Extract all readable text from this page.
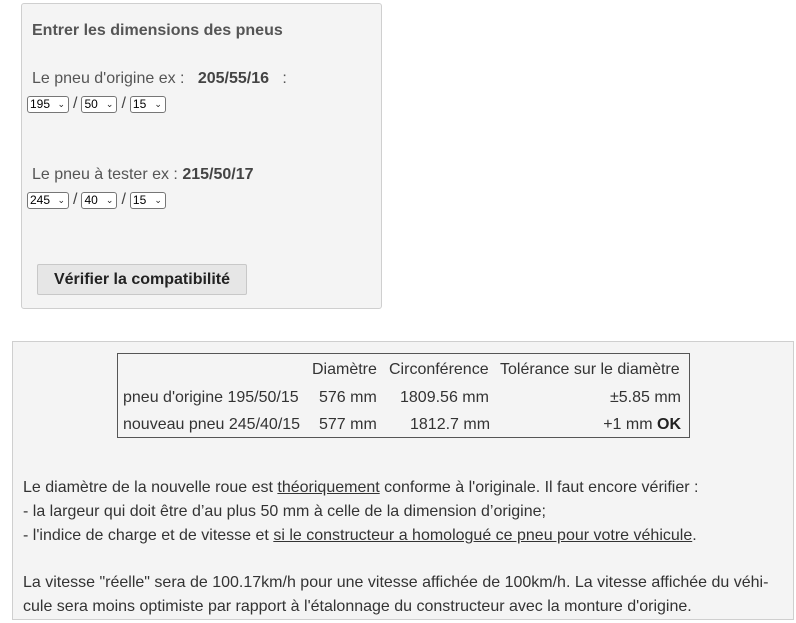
Entrer les dimensions des pneus
Le pneu d'origine ex : 205/55/16 :
195 ⌄ / 50 ⌄ / 15 ⌄
Le pneu à tester ex : 215/50/17
245 ⌄ / 40 ⌄ / 15 ⌄
Vérifier la compatibilité
Diamètre Circonférence Tolérance sur le diamètre
pneu d'origine 195/50/15 576 mm 1809.56 mm	±5.85 mm
nouveau pneu 245/40/15 577 mm 1812.7 mm	+1 mm OK
Le diamètre de la nouvelle roue est théoriquement conforme à l'originale. Il faut encore vérifier :
- la largeur qui doit être d’au plus 50 mm à celle de la dimension d’origine;
- l'indice de charge et de vitesse et si le constructeur a homologué ce pneu pour votre véhicule.
La vitesse "réelle" sera de 100.17km/h pour une vitesse affichée de 100km/h. La vitesse affichée du véhi-
cule sera moins optimiste par rapport à l'étalonnage du constructeur avec la monture d'origine.
